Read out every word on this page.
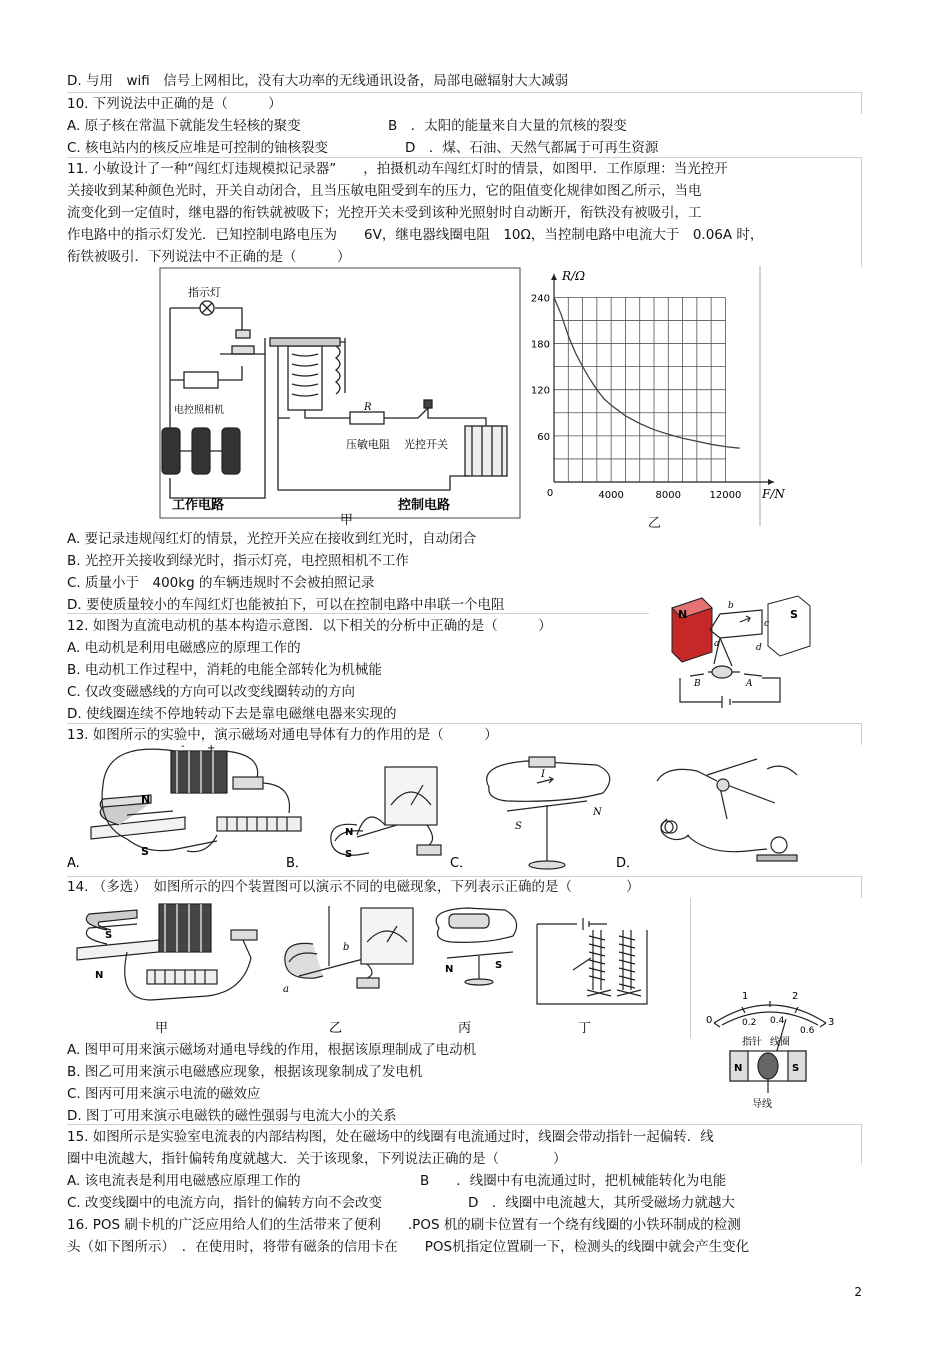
D. 与用　wifi　信号上网相比，没有大功率的无线通讯设备，局部电磁辐射大大减弱
10. 下列说法中正确的是（　　　）
A. 原子核在常温下就能发生轻核的聚变	B　．太阳的能量来自大量的氘核的裂变
C. 核电站内的核反应堆是可控制的铀核裂变	D　．煤、石油、天然气都属于可再生资源
11. 小敏设计了一种“闯红灯违规模拟记录器”　　，拍摄机动车闯红灯时的情景，如图甲．工作原理：当光控开
关接收到某种颜色光时，开关自动闭合，且当压敏电阻受到车的压力，它的阻值变化规律如图乙所示，当电
流变化到一定值时，继电器的衔铁就被吸下；光控开关未受到该种光照射时自动断开，衔铁没有被吸引，工
作电路中的指示灯发光．已知控制电路电压为　　6V，继电器线圈电阻　10Ω，当控制电路中电流大于　0.06A 时，
衔铁被吸引．下列说法中不正确的是（　　　）
指示灯
电控照相机	R
压敏电阻 光控开关
工作电路	控制电路
甲
4000	8000	12000
60
120
180
240
R/Ω
F/N
0
乙
A. 要记录违规闯红灯的情景，光控开关应在接收到红光时，自动闭合
B. 光控开关接收到绿光时，指示灯亮，电控照相机不工作
C. 质量小于　400kg 的车辆违规时不会被拍照记录
D. 要使质量较小的车闯红灯也能被拍下，可以在控制电路中串联一个电阻
12. 如图为直流电动机的基本构造示意图．以下相关的分析中正确的是（　　　）
A. 电动机是利用电磁感应的原理工作的
B. 电动机工作过程中，消耗的电能全部转化为机械能
C. 仅改变磁感线的方向可以改变线圈转动的方向
D. 使线圈连续不停地转动下去是靠电磁继电器来实现的
N	S
a
b
c
d
A
B
13. 如图所示的实验中，演示磁场对通电导体有力的作用的是（　　　）
N
S
- +
A.
N
S
B．
I
S
N
C．	D．
14. （多选）　如图所示的四个装置图可以演示不同的电磁现象，下列表示正确的是（　　　　）
S
N
甲
a
b
乙
N	S
丙	丁
A. 图甲可用来演示磁场对通电导线的作用，根据该原理制成了电动机
B. 图乙可用来演示电磁感应现象，根据该现象制成了发电机
C. 图丙可用来演示电流的磁效应
D. 图丁可用来演示电磁铁的磁性强弱与电流大小的关系
1	2
0	3
0.2 0.4
0.6
指针 线圈
N	S
导线
15. 如图所示是实验室电流表的内部结构图，处在磁场中的线圈有电流通过时，线圈会带动指针一起偏转．线
圈中电流越大，指针偏转角度就越大．关于该现象，下列说法正确的是（　　　　）
A. 该电流表是利用电磁感应原理工作的	B　　．线圈中有电流通过时，把机械能转化为电能
C. 改变线圈中的电流方向，指针的偏转方向不会改变	D　．线圈中电流越大，其所受磁场力就越大
16. POS 刷卡机的广泛应用给人们的生活带来了便利　　.POS 机的刷卡位置有一个绕有线圈的小铁环制成的检测
头（如下图所示）　．在使用时，将带有磁条的信用卡在　　POS机指定位置刷一下，检测头的线圈中就会产生变化
2
